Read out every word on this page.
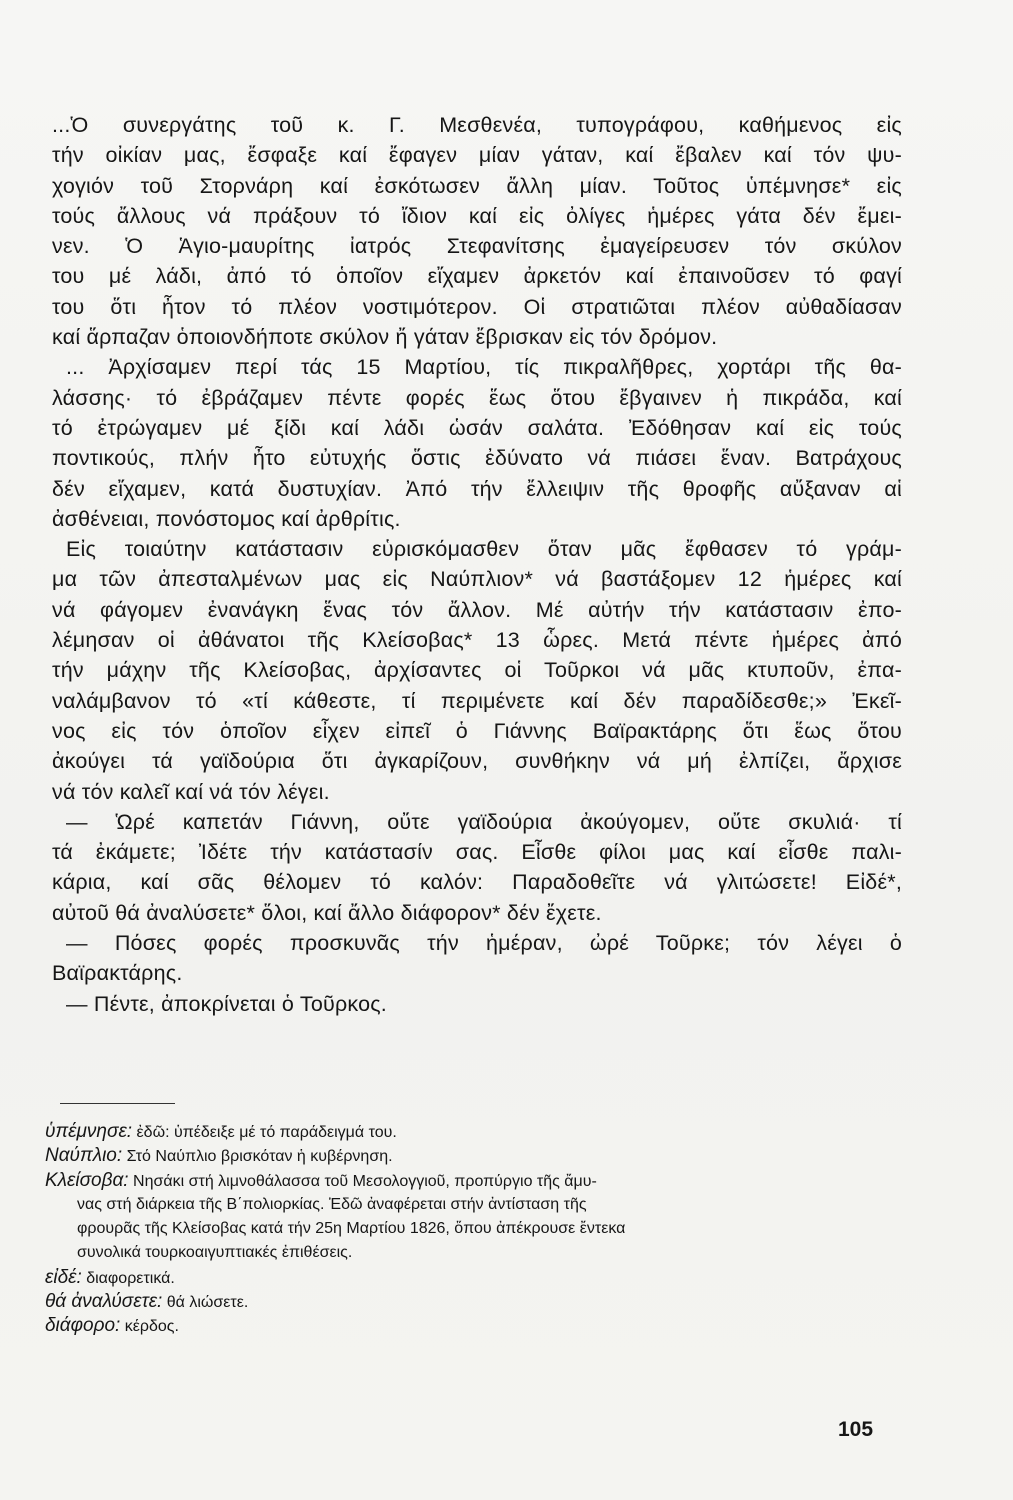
...Ὁ συνεργάτης τοῦ κ. Γ. Μεσθενέα, τυπογράφου, καθήμενος εἰς
τήν οἰκίαν μας, ἔσφαξε καί ἔφαγεν μίαν γάταν, καί ἔβαλεν καί τόν ψυ-
χογιόν τοῦ Στορνάρη καί ἐσκότωσεν ἄλλη μίαν. Τοῦτος ὑπέμνησε* εἰς
τούς ἄλλους νά πράξουν τό ἴδιον καί εἰς ὀλίγες ἡμέρες γάτα δέν ἔμει-
νεν. Ὁ Ἁγιο-μαυρίτης ἰατρός Στεφανίτσης ἐμαγείρευσεν τόν σκύλον
του μέ λάδι, ἀπό τό ὁποῖον εἴχαμεν ἀρκετόν καί ἐπαινοῦσεν τό φαγί
του ὅτι ἦτον τό πλέον νοστιμότερον. Οἱ στρατιῶται πλέον αὐθαδίασαν
καί ἅρπαζαν ὁποιονδήποτε σκύλον ἤ γάταν ἔβρισκαν εἰς τόν δρόμον.
... Ἀρχίσαμεν περί τάς 15 Μαρτίου, τίς πικραλῆθρες, χορτάρι τῆς θα-
λάσσης· τό ἐβράζαμεν πέντε φορές ἕως ὅτου ἔβγαινεν ἡ πικράδα, καί
τό ἐτρώγαμεν μέ ξίδι καί λάδι ὡσάν σαλάτα. Ἐδόθησαν καί εἰς τούς
ποντικούς, πλήν ἦτο εὐτυχής ὅστις ἐδύνατο νά πιάσει ἕναν. Βατράχους
δέν εἴχαμεν, κατά δυστυχίαν. Ἀπό τήν ἔλλειψιν τῆς θροφῆς αὔξαναν αἱ
ἀσθένειαι, πονόστομος καί ἀρθρίτις.
Εἰς τοιαύτην κατάστασιν εὑρισκόμασθεν ὅταν μᾶς ἔφθασεν τό γράμ-
μα τῶν ἀπεσταλμένων μας εἰς Ναύπλιον* νά βαστάξομεν 12 ἡμέρες καί
νά φάγομεν ἐνανάγκη ἕνας τόν ἄλλον. Μέ αὐτήν τήν κατάστασιν ἐπο-
λέμησαν οἱ ἀθάνατοι τῆς Κλείσοβας* 13 ὧρες. Μετά πέντε ἡμέρες ἀπό
τήν μάχην τῆς Κλείσοβας, ἀρχίσαντες οἱ Τοῦρκοι νά μᾶς κτυποῦν, ἐπα-
ναλάμβανον τό «τί κάθεστε, τί περιμένετε καί δέν παραδίδεσθε;» Ἐκεῖ-
νος εἰς τόν ὁποῖον εἶχεν εἰπεῖ ὁ Γιάννης Βαϊρακτάρης ὅτι ἕως ὅτου
ἀκούγει τά γαϊδούρια ὅτι ἀγκαρίζουν, συνθήκην νά μή ἐλπίζει, ἄρχισε
νά τόν καλεῖ καί νά τόν λέγει.
— Ὡρέ καπετάν Γιάννη, οὔτε γαϊδούρια ἀκούγομεν, οὔτε σκυλιά· τί
τά ἐκάμετε; Ἰδέτε τήν κατάστασίν σας. Εἶσθε φίλοι μας καί εἶσθε παλι-
κάρια, καί σᾶς θέλομεν τό καλόν: Παραδοθεῖτε νά γλιτώσετε! Εἰδέ*,
αὐτοῦ θά ἀναλύσετε* ὅλοι, καί ἄλλο διάφορον* δέν ἔχετε.
— Πόσες φορές προσκυνᾶς τήν ἡμέραν, ὠρέ Τοῦρκε; τόν λέγει ὁ
Βαϊρακτάρης.
— Πέντε, ἀποκρίνεται ὁ Τοῦρκος.
ὑπέμνησε: ἐδῶ: ὑπέδειξε μέ τό παράδειγμά του.
Ναύπλιο: Στό Ναύπλιο βρισκόταν ἡ κυβέρνηση.
Κλείσοβα: Νησάκι στή λιμνοθάλασσα τοῦ Μεσολογγιοῦ, προπύργιο τῆς ἄμυ-
νας στή διάρκεια τῆς Β΄πολιορκίας. Ἐδῶ ἀναφέρεται στήν ἀντίσταση τῆς
φρουρᾶς τῆς Κλείσοβας κατά τήν 25η Μαρτίου 1826, ὅπου ἀπέκρουσε ἔντεκα
συνολικά τουρκοαιγυπτιακές ἐπιθέσεις.
εἰδέ: διαφορετικά.
θά ἀναλύσετε: θά λιώσετε.
διάφορο: κέρδος.
105
